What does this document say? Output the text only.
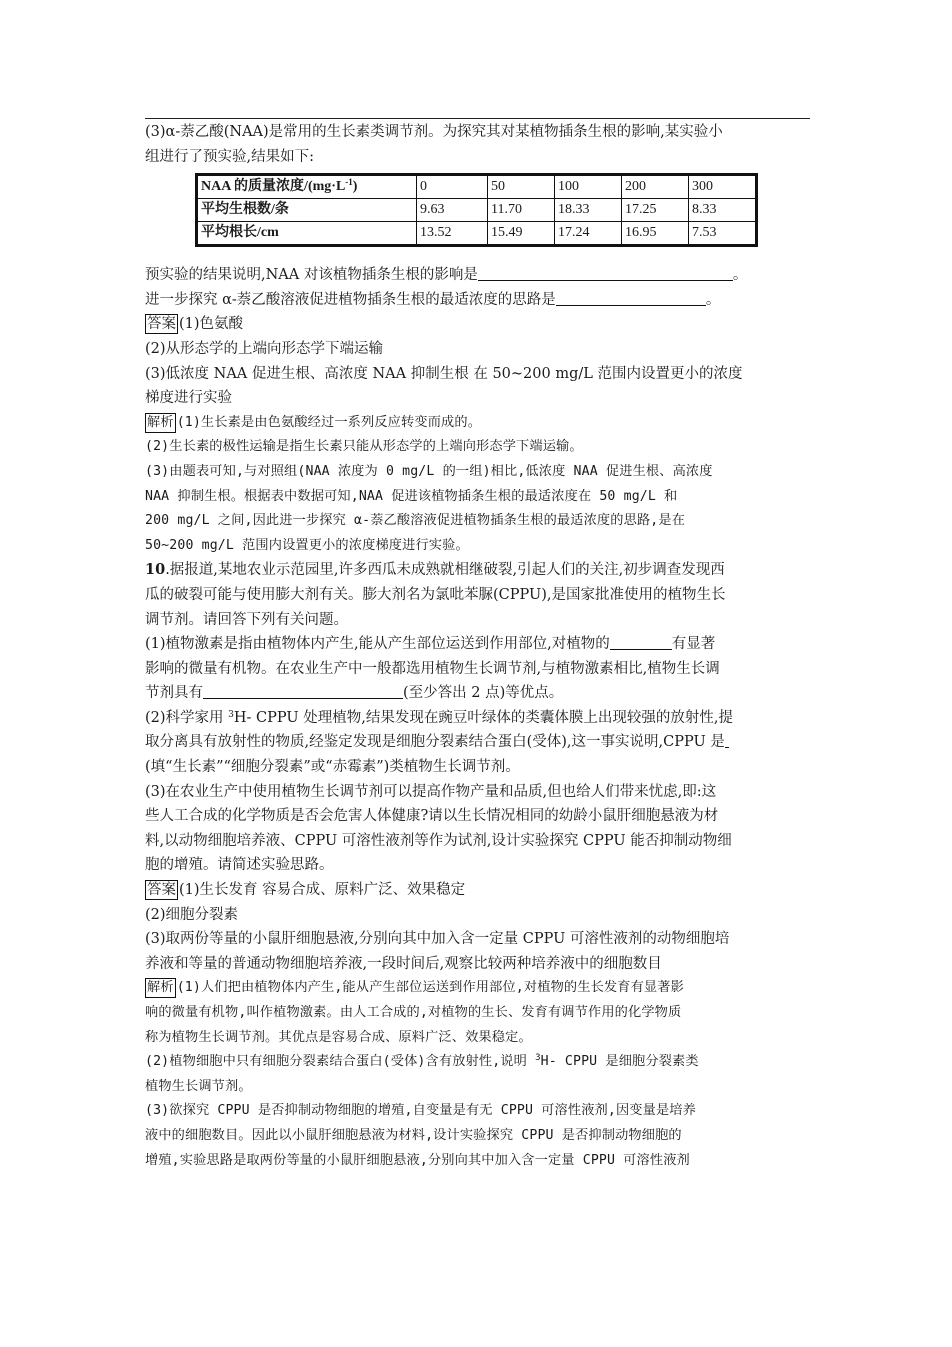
(3)α-萘乙酸(NAA)是常用的生长素类调节剂。为探究其对某植物插条生根的影响,某实验小

组进行了预实验,结果如下:

NAA 的质量浓度$/(mg\cdot L^{-1})$	0	50	100	200	300
平均生根数/条	9.63	11.70	18.33	17.25	8.33
平均根长/cm	13.52	15.49	17.24	16.95	7.53

预实验的结果说明,NAA 对该植物插条生根的影响是	。

进一步探究 α-萘乙酸溶液促进植物插条生根的最适浓度的思路是	。

答案 (1)色氨酸

(2)从形态学的上端向形态学下端运输

(3)低浓度 NAA 促进生根、高浓度 NAA 抑制生根 在 50~200 mg/L 范围内设置更小的浓度

梯度进行实验

解析 (1)生长素是由色氨酸经过一系列反应转变而成的。

(2)生长素的极性运输是指生长素只能从形态学的上端向形态学下端运输。

(3)由题表可知,与对照组(NAA 浓度为 0 mg/L 的一组)相比,低浓度 NAA 促进生根、高浓度

NAA 抑制生根。根据表中数据可知,NAA 促进该植物插条生根的最适浓度在 50 mg/L 和

200 mg/L 之间,因此进一步探究 α-萘乙酸溶液促进植物插条生根的最适浓度的思路,是在

50~200 mg/L 范围内设置更小的浓度梯度进行实验。

10.据报道,某地农业示范园里,许多西瓜未成熟就相继破裂,引起人们的关注,初步调查发现西

瓜的破裂可能与使用膨大剂有关。膨大剂名为氯吡苯脲(CPPU),是国家批准使用的植物生长

调节剂。请回答下列有关问题。

(1)植物激素是指由植物体内产生,能从产生部位运送到作用部位,对植物的	有显著

影响的微量有机物。在农业生产中一般都选用植物生长调节剂,与植物激素相比,植物生长调

节剂具有	(至少答出 2 点)等优点。

(2)科学家用 $^3$H- CPPU 处理植物,结果发现在豌豆叶绿体的类囊体膜上出现较强的放射性,提

取分离具有放射性的物质,经鉴定发现是细胞分裂素结合蛋白(受体),这一事实说明,CPPU 是

(填“生长素”“细胞分裂素”或“赤霉素”)类植物生长调节剂。

(3)在农业生产中使用植物生长调节剂可以提高作物产量和品质,但也给人们带来忧虑,即:这

些人工合成的化学物质是否会危害人体健康?请以生长情况相同的幼龄小鼠肝细胞悬液为材

料,以动物细胞培养液、CPPU 可溶性液剂等作为试剂,设计实验探究 CPPU 能否抑制动物细

胞的增殖。请简述实验思路。

答案 (1)生长发育 容易合成、原料广泛、效果稳定

(2)细胞分裂素

(3)取两份等量的小鼠肝细胞悬液,分别向其中加入含一定量 CPPU 可溶性液剂的动物细胞培

养液和等量的普通动物细胞培养液,一段时间后,观察比较两种培养液中的细胞数目

解析 (1)人们把由植物体内产生,能从产生部位运送到作用部位,对植物的生长发育有显著影

响的微量有机物,叫作植物激素。由人工合成的,对植物的生长、发育有调节作用的化学物质

称为植物生长调节剂。其优点是容易合成、原料广泛、效果稳定。

(2)植物细胞中只有细胞分裂素结合蛋白(受体)含有放射性,说明 $^3$H- CPPU 是细胞分裂素类

植物生长调节剂。

(3)欲探究 CPPU 是否抑制动物细胞的增殖,自变量是有无 CPPU 可溶性液剂,因变量是培养

液中的细胞数目。因此以小鼠肝细胞悬液为材料,设计实验探究 CPPU 是否抑制动物细胞的

增殖,实验思路是取两份等量的小鼠肝细胞悬液,分别向其中加入含一定量 CPPU 可溶性液剂
